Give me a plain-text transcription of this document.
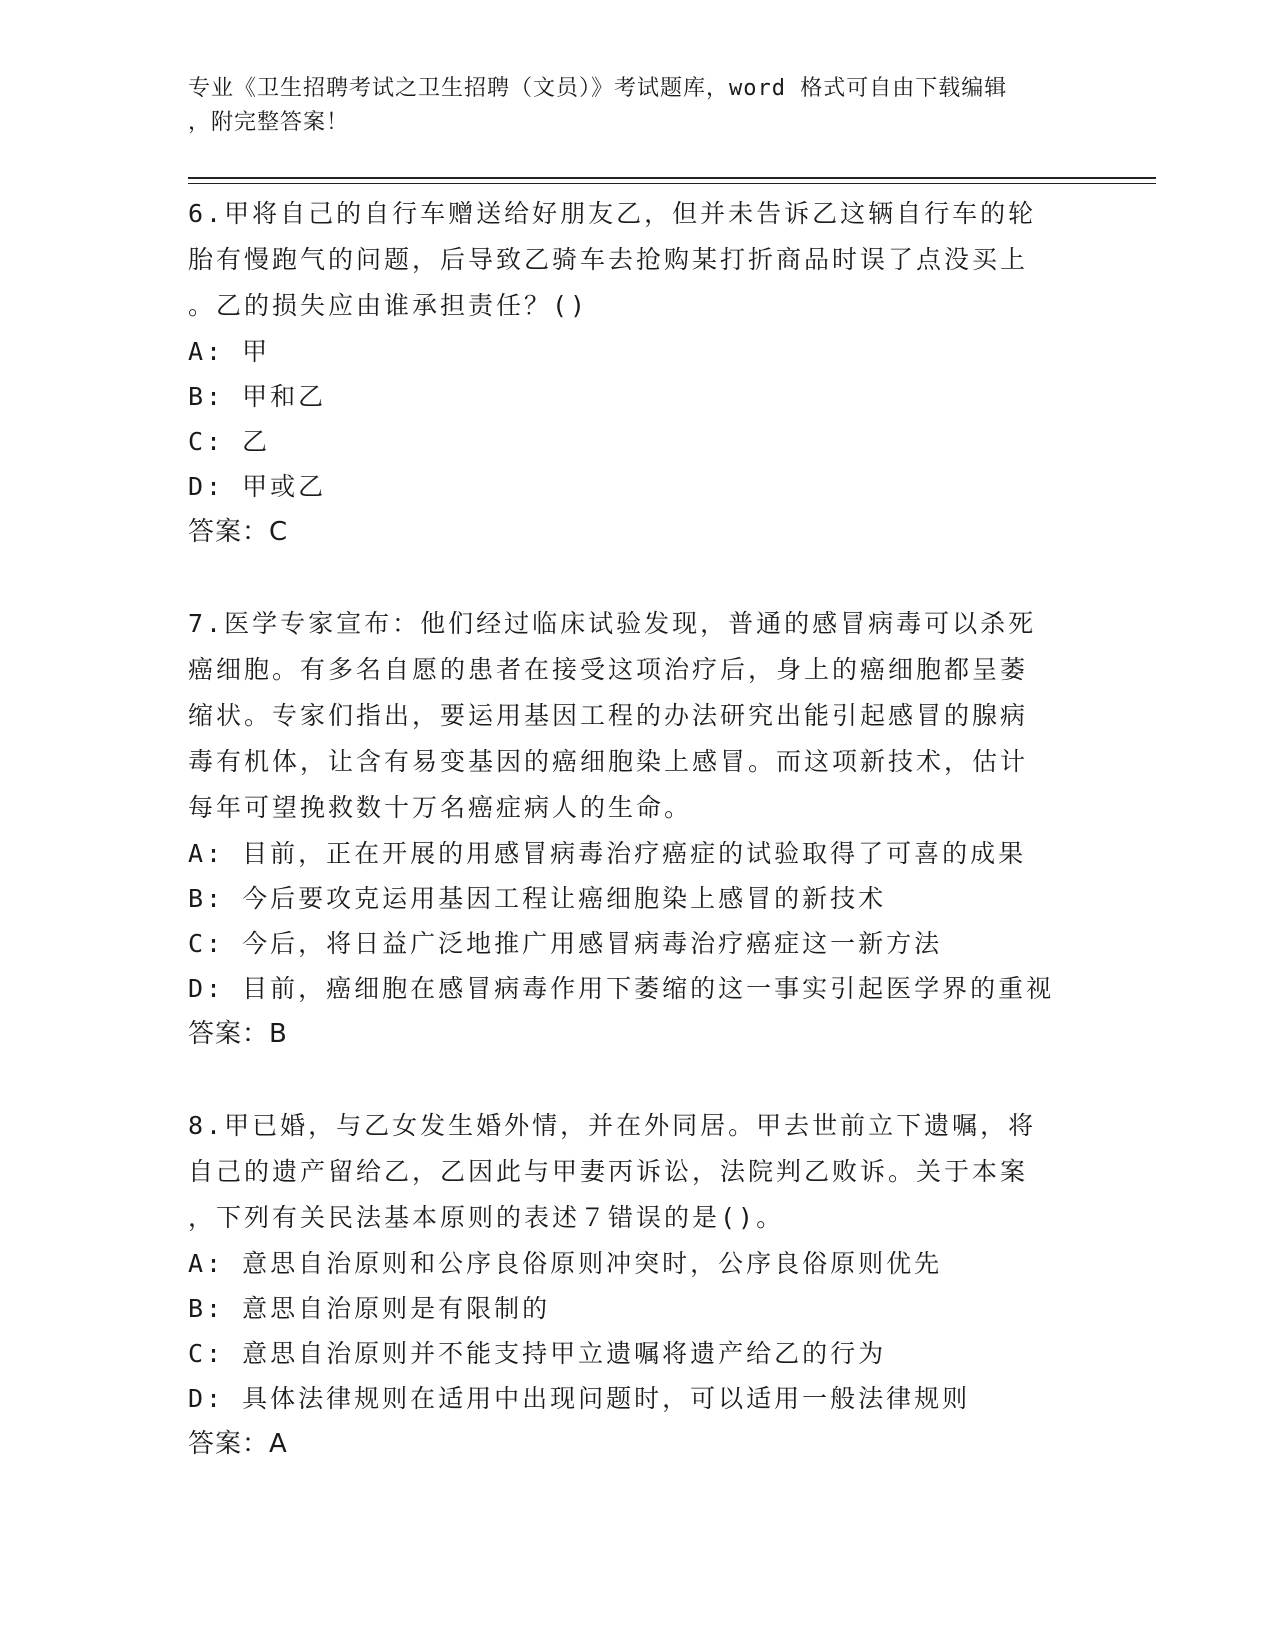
专业《卫生招聘考试之卫生招聘（文员）》考试题库，word 格式可自由下载编辑
，附完整答案！
6.甲将自己的自行车赠送给好朋友乙，但并未告诉乙这辆自行车的轮
胎有慢跑气的问题，后导致乙骑车去抢购某打折商品时误了点没买上
。乙的损失应由谁承担责任？()
A: 甲
B: 甲和乙
C: 乙
D: 甲或乙
答案：C
7.医学专家宣布：他们经过临床试验发现，普通的感冒病毒可以杀死
癌细胞。有多名自愿的患者在接受这项治疗后，身上的癌细胞都呈萎
缩状。专家们指出，要运用基因工程的办法研究出能引起感冒的腺病
毒有机体，让含有易变基因的癌细胞染上感冒。而这项新技术，估计
每年可望挽救数十万名癌症病人的生命。
A: 目前，正在开展的用感冒病毒治疗癌症的试验取得了可喜的成果
B: 今后要攻克运用基因工程让癌细胞染上感冒的新技术
C: 今后，将日益广泛地推广用感冒病毒治疗癌症这一新方法
D: 目前，癌细胞在感冒病毒作用下萎缩的这一事实引起医学界的重视
答案：B
8.甲已婚，与乙女发生婚外情，并在外同居。甲去世前立下遗嘱，将
自己的遗产留给乙，乙因此与甲妻丙诉讼，法院判乙败诉。关于本案
，下列有关民法基本原则的表述７错误的是()。
A: 意思自治原则和公序良俗原则冲突时，公序良俗原则优先
B: 意思自治原则是有限制的
C: 意思自治原则并不能支持甲立遗嘱将遗产给乙的行为
D: 具体法律规则在适用中出现问题时，可以适用一般法律规则
答案：A
